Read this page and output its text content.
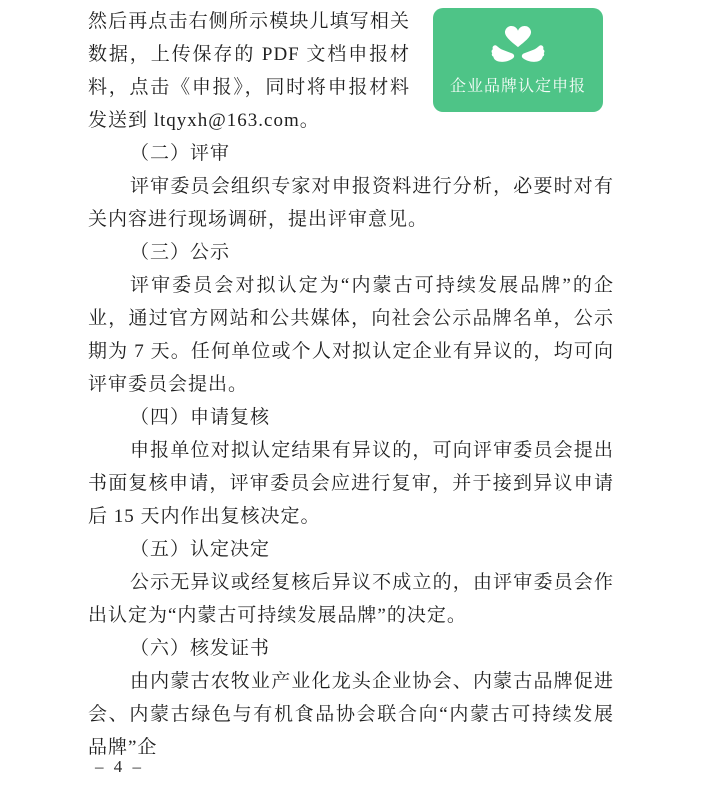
企业品牌认定申报
然后再点击右侧所示模块儿填写相关数据，上传保存的 PDF 文档申报材料，点击《申报》，同时将申报材料发送到 ltqyxh@163.com。

（二）评审

评审委员会组织专家对申报资料进行分析，必要时对有关内容进行现场调研，提出评审意见。

（三）公示

评审委员会对拟认定为“内蒙古可持续发展品牌”的企业，通过官方网站和公共媒体，向社会公示品牌名单，公示期为 7 天。任何单位或个人对拟认定企业有异议的，均可向评审委员会提出。

（四）申请复核

申报单位对拟认定结果有异议的，可向评审委员会提出书面复核申请，评审委员会应进行复审，并于接到异议申请后 15 天内作出复核决定。

（五）认定决定

公示无异议或经复核后异议不成立的，由评审委员会作出认定为“内蒙古可持续发展品牌”的决定。

（六）核发证书

由内蒙古农牧业产业化龙头企业协会、内蒙古品牌促进会、内蒙古绿色与有机食品协会联合向“内蒙古可持续发展品牌”企

– 4 –
